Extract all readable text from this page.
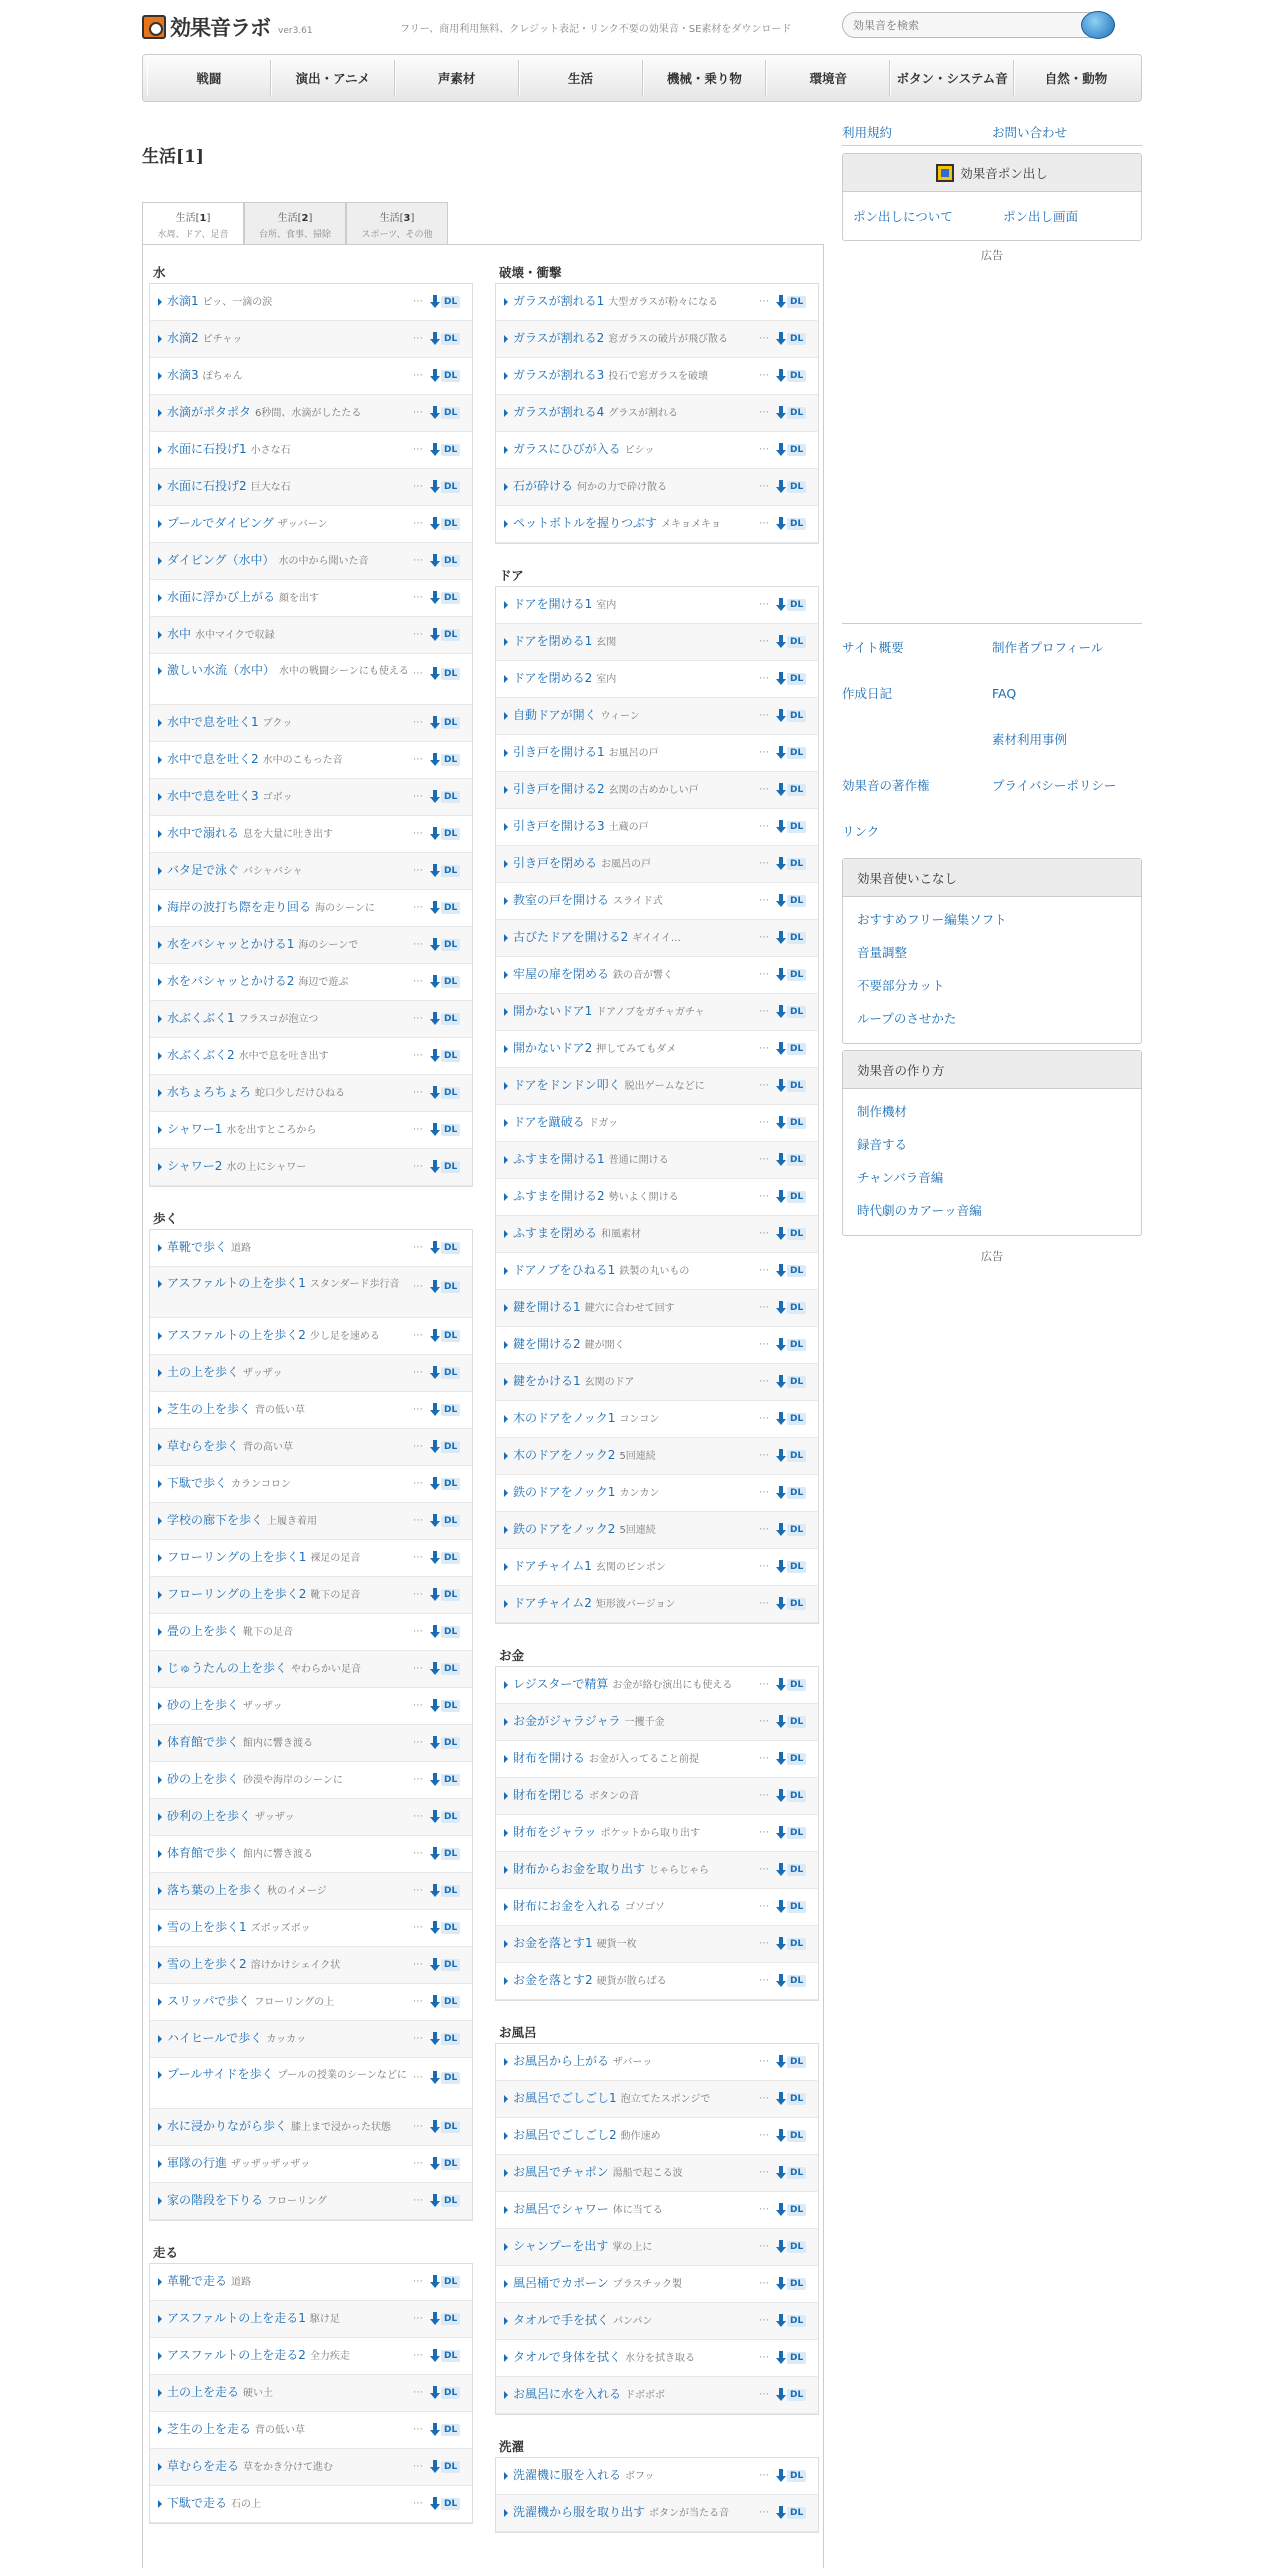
効果音ラボ ver3.61	フリー、商用利用無料、クレジット表記・リンク不要の効果音・SE素材をダウンロード
効果音を検索
戦闘	演出・アニメ	声素材	生活	機械・乗り物	環境音	ボタン・システム音	自然・動物
生活[1]
生活[1]
水周、ドア、足音
生活[2]
台所、食事、掃除
生活[3]
スポーツ、その他
水
水滴1 ピッ、一滴の涙	⋯	DL
水滴2 ピチャッ	⋯	DL
水滴3 ぽちゃん	⋯	DL
水滴がポタポタ 6秒間、水滴がしたたる	⋯	DL
水面に石投げ1 小さな石	⋯	DL
水面に石投げ2 巨大な石	⋯	DL
プールでダイビング ザッバーン	⋯	DL
ダイビング（水中） 水の中から聞いた音	⋯	DL
水面に浮かび上がる 顔を出す	⋯	DL
水中 水中マイクで収録	⋯	DL
激しい水流（水中） 水中の戦闘シーンにも使える ⋯	DL
水中で息を吐く1 ブクッ	⋯	DL
水中で息を吐く2 水中のこもった音	⋯	DL
水中で息を吐く3 ゴボッ	⋯	DL
水中で溺れる 息を大量に吐き出す	⋯	DL
バタ足で泳ぐ バシャバシャ	⋯	DL
海岸の波打ち際を走り回る 海のシーンに	⋯	DL
水をバシャッとかける1 海のシーンで	⋯	DL
水をバシャッとかける2 海辺で遊ぶ	⋯	DL
水ぶくぶく1 フラスコが泡立つ	⋯	DL
水ぶくぶく2 水中で息を吐き出す	⋯	DL
水ちょろちょろ 蛇口少しだけひねる	⋯	DL
シャワー1 水を出すところから	⋯	DL
シャワー2 水の上にシャワー	⋯	DL
歩く
革靴で歩く 道路	⋯	DL
アスファルトの上を歩く1 スタンダード歩行音 ⋯	DL
アスファルトの上を歩く2 少し足を速める	⋯	DL
土の上を歩く ザッザッ	⋯	DL
芝生の上を歩く 背の低い草	⋯	DL
草むらを歩く 背の高い草	⋯	DL
下駄で歩く カランコロン	⋯	DL
学校の廊下を歩く 上履き着用	⋯	DL
フローリングの上を歩く1 裸足の足音	⋯	DL
フローリングの上を歩く2 靴下の足音	⋯	DL
畳の上を歩く 靴下の足音	⋯	DL
じゅうたんの上を歩く やわらかい足音	⋯	DL
砂の上を歩く ザッザッ	⋯	DL
体育館で歩く 館内に響き渡る	⋯	DL
砂の上を歩く 砂漠や海岸のシーンに	⋯	DL
砂利の上を歩く ザッザッ	⋯	DL
体育館で歩く 館内に響き渡る	⋯	DL
落ち葉の上を歩く 秋のイメージ	⋯	DL
雪の上を歩く1 ズボッズボッ	⋯	DL
雪の上を歩く2 溶けかけシェイク状	⋯	DL
スリッパで歩く フローリングの上	⋯	DL
ハイヒールで歩く カッカッ	⋯	DL
プールサイドを歩く プールの授業のシーンなどに ⋯	DL
水に浸かりながら歩く 膝上まで浸かった状態 ⋯	DL
軍隊の行進 ザッザッザッザッ	⋯	DL
家の階段を下りる フローリング	⋯	DL
走る
革靴で走る 道路	⋯	DL
アスファルトの上を走る1 駆け足	⋯	DL
アスファルトの上を走る2 全力疾走	⋯	DL
土の上を走る 硬い土	⋯	DL
芝生の上を走る 背の低い草	⋯	DL
草むらを走る 草をかき分けて進む	⋯	DL
下駄で走る 石の上	⋯	DL
破壊・衝撃
ガラスが割れる1 大型ガラスが粉々になる	⋯	DL
ガラスが割れる2 窓ガラスの破片が飛び散る	⋯	DL
ガラスが割れる3 投石で窓ガラスを破壊	⋯	DL
ガラスが割れる4 グラスが割れる	⋯	DL
ガラスにひびが入る ピシッ	⋯	DL
石が砕ける 何かの力で砕け散る	⋯	DL
ペットボトルを握りつぶす メキョメキョ	⋯	DL
ドア
ドアを開ける1 室内	⋯	DL
ドアを閉める1 玄関	⋯	DL
ドアを閉める2 室内	⋯	DL
自動ドアが開く ウィーン	⋯	DL
引き戸を開ける1 お風呂の戸	⋯	DL
引き戸を開ける2 玄関の古めかしい戸	⋯	DL
引き戸を開ける3 土蔵の戸	⋯	DL
引き戸を閉める お風呂の戸	⋯	DL
教室の戸を開ける スライド式	⋯	DL
古びたドアを開ける2 ギイイイ…	⋯	DL
牢屋の扉を閉める 鉄の音が響く	⋯	DL
開かないドア1 ドアノブをガチャガチャ	⋯	DL
開かないドア2 押してみてもダメ	⋯	DL
ドアをドンドン叩く 脱出ゲームなどに	⋯	DL
ドアを蹴破る ドガッ	⋯	DL
ふすまを開ける1 普通に開ける	⋯	DL
ふすまを開ける2 勢いよく開ける	⋯	DL
ふすまを閉める 和風素材	⋯	DL
ドアノブをひねる1 鉄製の丸いもの	⋯	DL
鍵を開ける1 鍵穴に合わせて回す	⋯	DL
鍵を開ける2 鍵が開く	⋯	DL
鍵をかける1 玄関のドア	⋯	DL
木のドアをノック1 コンコン	⋯	DL
木のドアをノック2 5回連続	⋯	DL
鉄のドアをノック1 カンカン	⋯	DL
鉄のドアをノック2 5回連続	⋯	DL
ドアチャイム1 玄関のピンポン	⋯	DL
ドアチャイム2 矩形波バージョン	⋯	DL
お金
レジスターで精算 お金が絡む演出にも使える	⋯	DL
お金がジャラジャラ 一攫千金	⋯	DL
財布を開ける お金が入ってること前提	⋯	DL
財布を閉じる ボタンの音	⋯	DL
財布をジャラッ ポケットから取り出す	⋯	DL
財布からお金を取り出す じゃらじゃら	⋯	DL
財布にお金を入れる ゴソゴソ	⋯	DL
お金を落とす1 硬貨一枚	⋯	DL
お金を落とす2 硬貨が散らばる	⋯	DL
お風呂
お風呂から上がる ザバーッ	⋯	DL
お風呂でごしごし1 泡立てたスポンジで	⋯	DL
お風呂でごしごし2 動作速め	⋯	DL
お風呂でチャポン 湯船で起こる波	⋯	DL
お風呂でシャワー 体に当てる	⋯	DL
シャンプーを出す 掌の上に	⋯	DL
風呂桶でカポーン プラスチック製	⋯	DL
タオルで手を拭く パンパン	⋯	DL
タオルで身体を拭く 水分を拭き取る	⋯	DL
お風呂に水を入れる ドボボボ	⋯	DL
洗濯
洗濯機に服を入れる ボフッ	⋯	DL
洗濯機から服を取り出す ボタンが当たる音	⋯	DL
利用規約	お問い合わせ
効果音ポン出し
ポン出しについて	ポン出し画面
広告
サイト概要	制作者プロフィール
作成日記	FAQ
素材利用事例
効果音の著作権	プライバシーポリシー
リンク
効果音使いこなし
おすすめフリー編集ソフト
音量調整
不要部分カット
ループのさせかた
効果音の作り方
制作機材
録音する
チャンバラ音編
時代劇のカアーッ音編
広告
